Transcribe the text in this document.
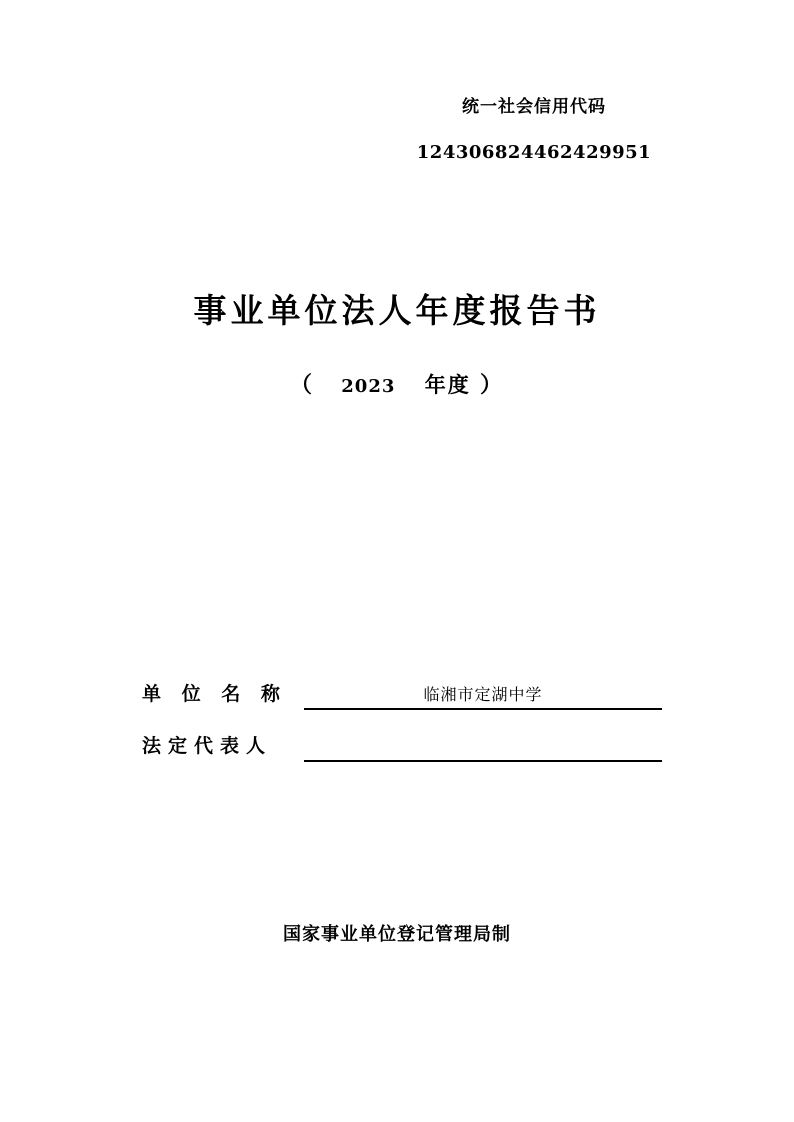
统一社会信用代码
124306824462429951
事业单位法人年度报告书
（ 2023 年度 ）
单 位 名 称	临湘市定湖中学
法定代表人
国家事业单位登记管理局制
